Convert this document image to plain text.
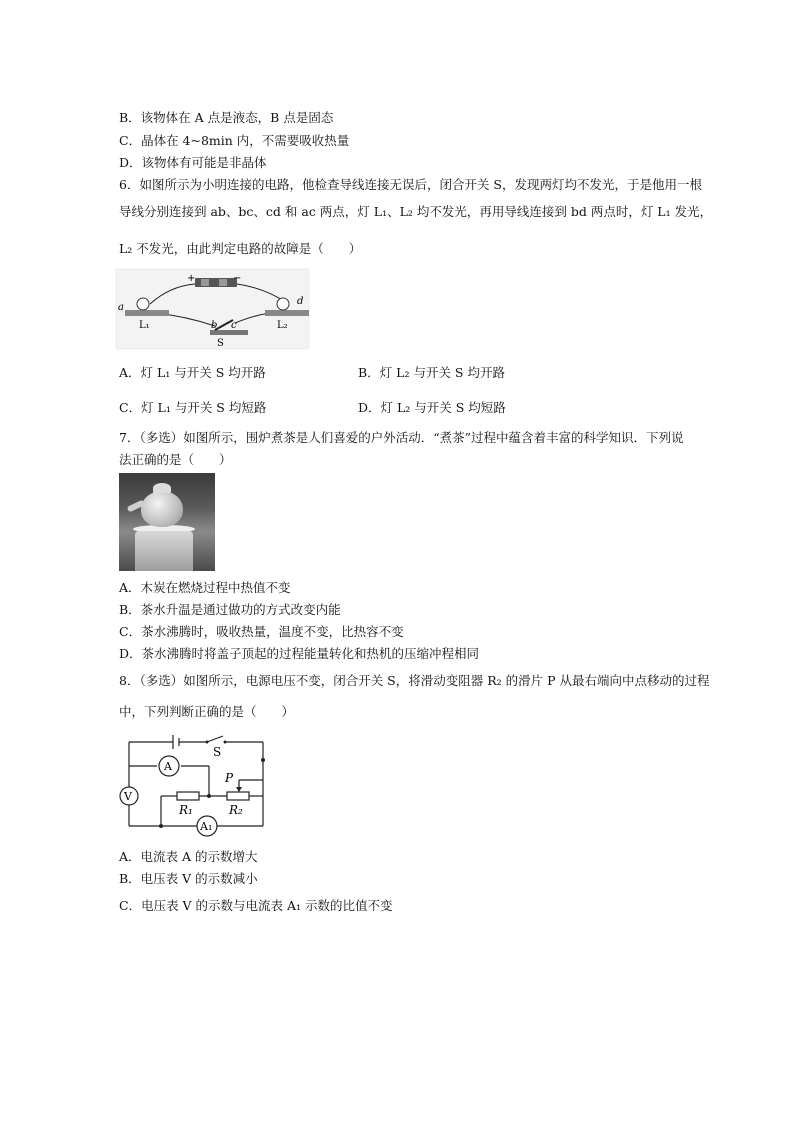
B．该物体在 A 点是液态，B 点是固态
C．晶体在 4~8min 内，不需要吸收热量
D．该物体有可能是非晶体
6．如图所示为小明连接的电路，他检查导线连接无误后，闭合开关 S，发现两灯均不发光，于是他用一根
导线分别连接到 ab、bc、cd 和 ac 两点，灯 L₁、L₂ 均不发光，再用导线连接到 bd 两点时，灯 L₁ 发光，
L₂ 不发光，由此判定电路的故障是（　　）
+	−
a
b c
d
L₁	L₂
S
A．灯 L₁ 与开关 S 均开路	B．灯 L₂ 与开关 S 均开路
C．灯 L₁ 与开关 S 均短路	D．灯 L₂ 与开关 S 均短路
7．（多选）如图所示，围炉煮茶是人们喜爱的户外活动．“煮茶”过程中蕴含着丰富的科学知识．下列说
法正确的是（　　）
A．木炭在燃烧过程中热值不变
B．茶水升温是通过做功的方式改变内能
C．茶水沸腾时，吸收热量，温度不变，比热容不变
D．茶水沸腾时将盖子顶起的过程能量转化和热机的压缩冲程相同
8．（多选）如图所示，电源电压不变，闭合开关 S，将滑动变阻器 R₂ 的滑片 P 从最右端向中点移动的过程
中，下列判断正确的是（　　）
S
A
V
P
R₁	R₂
A₁
A．电流表 A 的示数增大
B．电压表 V 的示数减小
C．电压表 V 的示数与电流表 A₁ 示数的比值不变
